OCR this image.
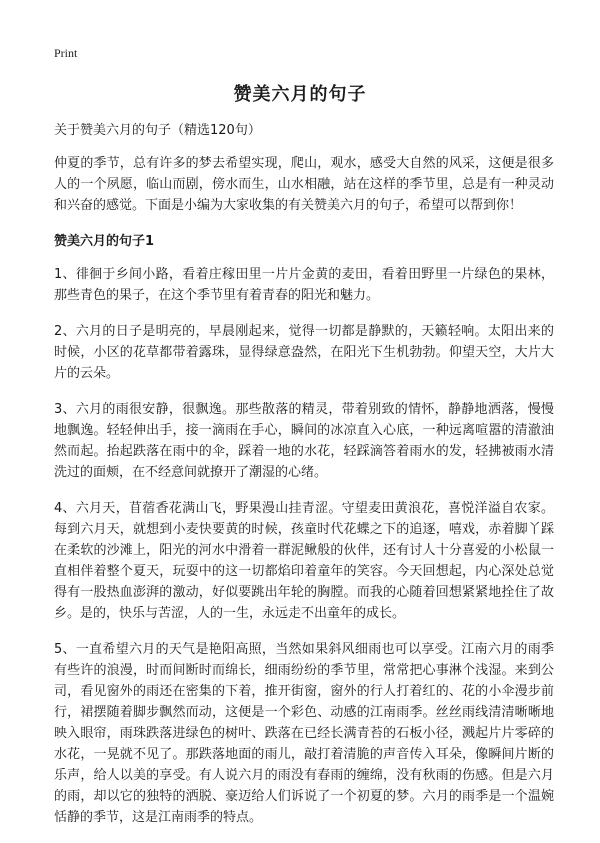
Print
赞美六月的句子

关于赞美六月的句子（精选120句）

仲夏的季节，总有许多的梦去希望实现，爬山，观水，感受大自然的风采，这便是很多人的一个夙愿，临山而剧，傍水而生，山水相融，站在这样的季节里，总是有一种灵动和兴奋的感觉。下面是小编为大家收集的有关赞美六月的句子，希望可以帮到你！

赞美六月的句子1

1、徘徊于乡间小路，看着庄稼田里一片片金黄的麦田，看着田野里一片绿色的果林，那些青色的果子，在这个季节里有着青春的阳光和魅力。

2、六月的日子是明亮的，早晨刚起来，觉得一切都是静默的，天籁轻响。太阳出来的时候，小区的花草都带着露珠，显得绿意盎然，在阳光下生机勃勃。仰望天空，大片大片的云朵。

3、六月的雨很安静，很飘逸。那些散落的精灵，带着别致的情怀，静静地洒落，慢慢地飘逸。轻轻伸出手，接一滴雨在手心，瞬间的冰凉直入心底，一种远离喧嚣的清澈油然而起。抬起跌落在雨中的伞，踩着一地的水花，轻踩滴答着雨水的发，轻拂被雨水清洗过的面颊，在不经意间就撩开了潮湿的心绪。

4、六月天，苜蓿香花满山飞，野果漫山挂青涩。守望麦田黄浪花，喜悦洋溢自农家。每到六月天，就想到小麦快要黄的时候，孩童时代花蝶之下的追逐，嘻戏，赤着脚丫踩在柔软的沙滩上，阳光的河水中滑着一群泥鳅般的伙伴，还有讨人十分喜爱的小松鼠一直相伴着整个夏天，玩耍中的这一切都焰印着童年的笑容。今天回想起，内心深处总觉得有一股热血澎湃的激动，好似要跳出年轮的胸膛。而我的心随着回想紧紧地拴住了故乡。是的，快乐与苦涩，人的一生，永远走不出童年的成长。

5、一直希望六月的天气是艳阳高照，当然如果斜风细雨也可以享受。江南六月的雨季有些许的浪漫，时而间断时而绵长，细雨纷纷的季节里，常常把心事淋个浅湿。来到公司，看见窗外的雨还在密集的下着，推开街窗，窗外的行人打着红的、花的小伞漫步前行，裙摆随着脚步飘然而动，这便是一个彩色、动感的江南雨季。丝丝雨线清清晰晰地映入眼帘，雨珠跌落进绿色的树叶、跌落在已经长满青苔的石板小径，溅起片片零碎的水花，一晃就不见了。那跌落地面的雨儿，敲打着清脆的声音传入耳朵，像瞬间片断的乐声，给人以美的享受。有人说六月的雨没有春雨的缠绵，没有秋雨的伤感。但是六月的雨，却以它的独特的洒脱、豪迈给人们诉说了一个初夏的梦。六月的雨季是一个温婉恬静的季节，这是江南雨季的特点。
